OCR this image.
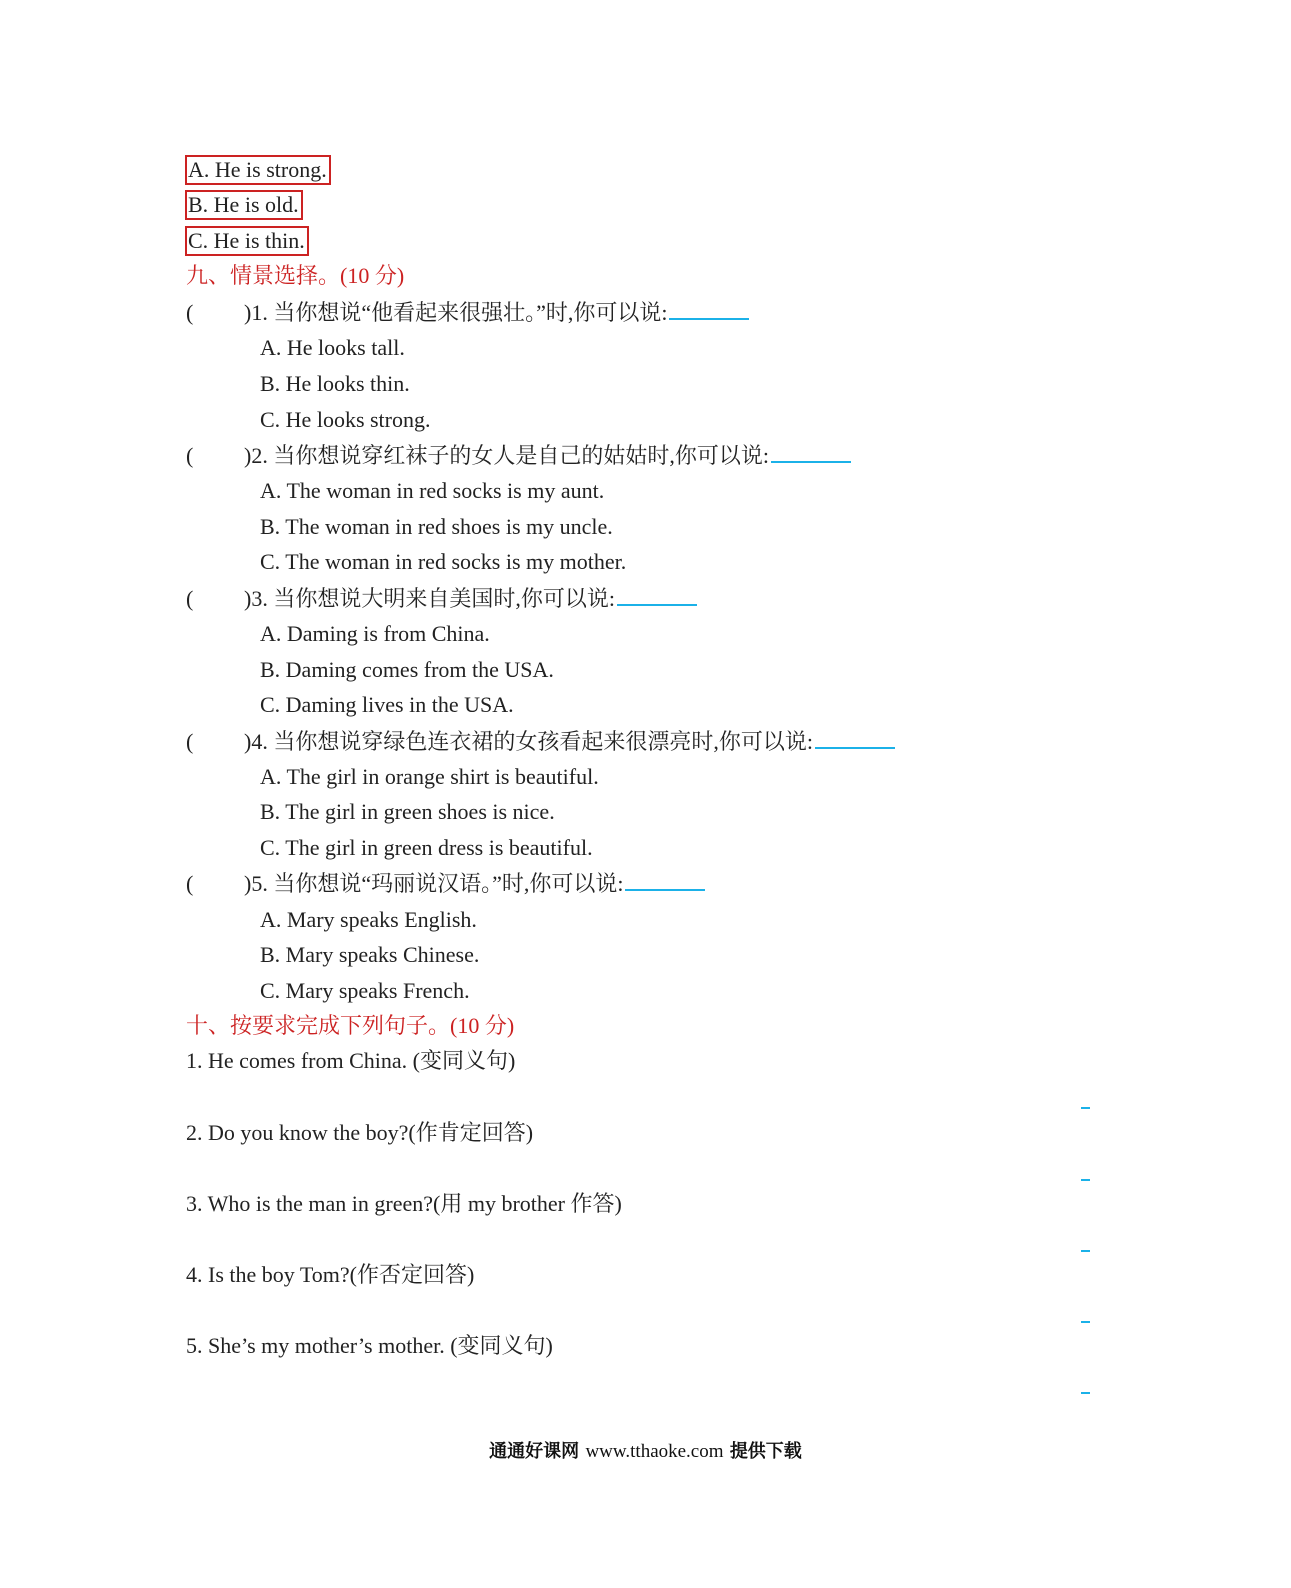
A. He is strong.
B. He is old.
C. He is thin.
九、情景选择。(10 分)
( )1. 当你想说“他看起来很强壮。”时,你可以说:
A. He looks tall.
B. He looks thin.
C. He looks strong.
( )2. 当你想说穿红袜子的女人是自己的姑姑时,你可以说:
A. The woman in red socks is my aunt.
B. The woman in red shoes is my uncle.
C. The woman in red socks is my mother.
( )3. 当你想说大明来自美国时,你可以说:
A. Daming is from China.
B. Daming comes from the USA.
C. Daming lives in the USA.
( )4. 当你想说穿绿色连衣裙的女孩看起来很漂亮时,你可以说:
A. The girl in orange shirt is beautiful.
B. The girl in green shoes is nice.
C. The girl in green dress is beautiful.
( )5. 当你想说“玛丽说汉语。”时,你可以说:
A. Mary speaks English.
B. Mary speaks Chinese.
C. Mary speaks French.
十、按要求完成下列句子。(10 分)
1. He comes from China. (变同义句)
2. Do you know the boy?(作肯定回答)
3. Who is the man in green?(用 my brother 作答)
4. Is the boy Tom?(作否定回答)
5. She’s my mother’s mother. (变同义句)
通通好课网 www.tthaoke.com 提供下载
